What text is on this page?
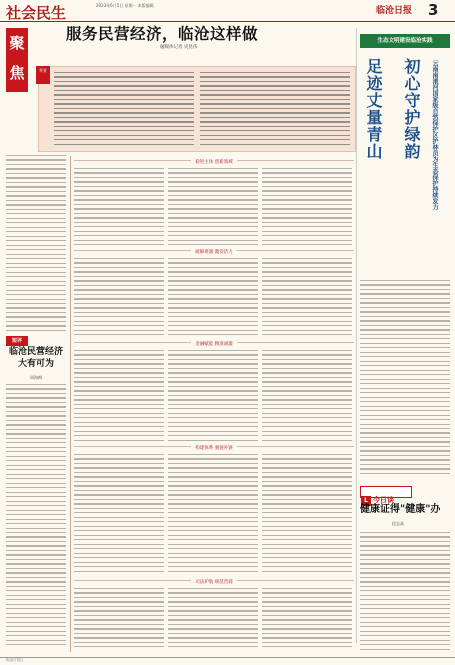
社会民生	2023年6月5日 星期一 本版编辑
临沧日报 3
聚焦
服务民营经济，临沧这样做
融媒体记者 史昆伟
背景
短评
临沧民营经济大有可为
周海梅
稳进主体 创新领域
破解难题 激发活力
金融赋能 精准滴灌
构建体系 强链补链
司法护航 规范营商
生态文明建设临沧实践
足迹丈量青山 初心守护绿韵	云南南滚河国家级自然保护区护林员为生态保护持续发力
L 今日谈
健康证得"健康"办
段志高
临沧日报社
